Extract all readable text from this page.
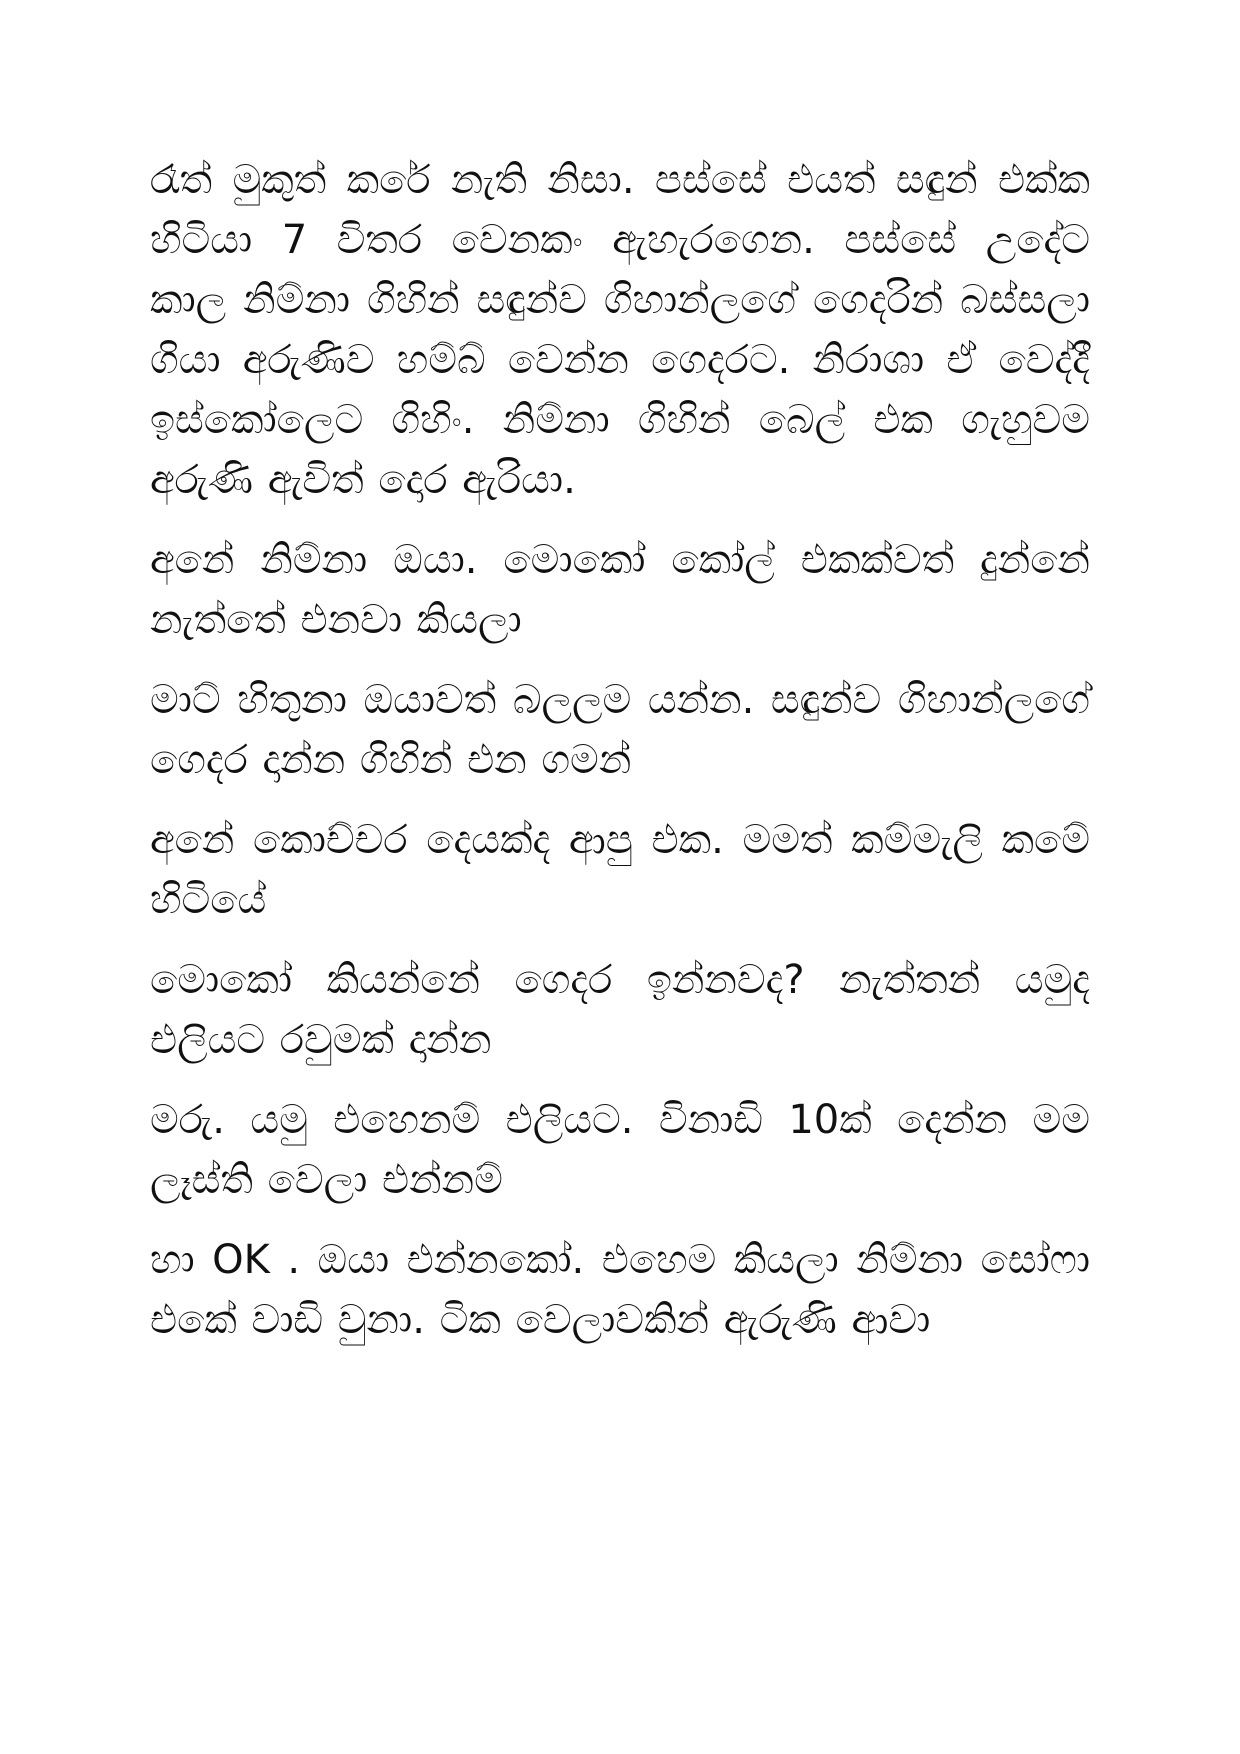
රෑත් මුකුත් කරේ නැති නිසා. පස්සේ එයත් සඳුන් එක්ක හිටියා 7 විතර වෙනකං ඇහැරගෙන. පස්සේ උදේට කාල නිම්නා ගිහින් සඳුන්ව ගිහාන්ලගේ ගෙදරින් බස්සලා ගියා අරුණිව හම්බ් වෙන්න ගෙදරට. නිරාශා ඒ වෙද්දී ඉස්කෝලෙට ගිහිං. නිම්නා ගිහින් බෙල් එක ගැහුවම අරුණි ඇවිත් දොර ඇරියා.

අනේ නිම්නා ඔයා. මොකෝ කෝල් එකක්වත් දුන්නේ නැත්තේ එනවා කියලා

මාට් හිතුනා ඔයාවත් බලලම යන්න. සඳුන්ව ගිහාන්ලගේ ගෙදර දාන්න ගිහින් එන ගමන්

අනේ කොච්චර දෙයක්ද ආපු එක. මමත් කම්මැලි කමේ හිටියේ

මොකෝ කියන්නේ ගෙදර ඉන්නවද? නැත්තන් යමුද එලියට රවුමක් දාන්න

මරු. යමු එහෙනම් එලියට. විනාඩි 10ක් දෙන්න මම ලෑස්ති වෙලා එන්නම්

හා OK . ඔයා එන්නකෝ. එහෙම කියලා නිම්නා සෝෆා එකේ වාඩි වුනා. ටික වෙලාවකින් ඇරුණි ආවා
